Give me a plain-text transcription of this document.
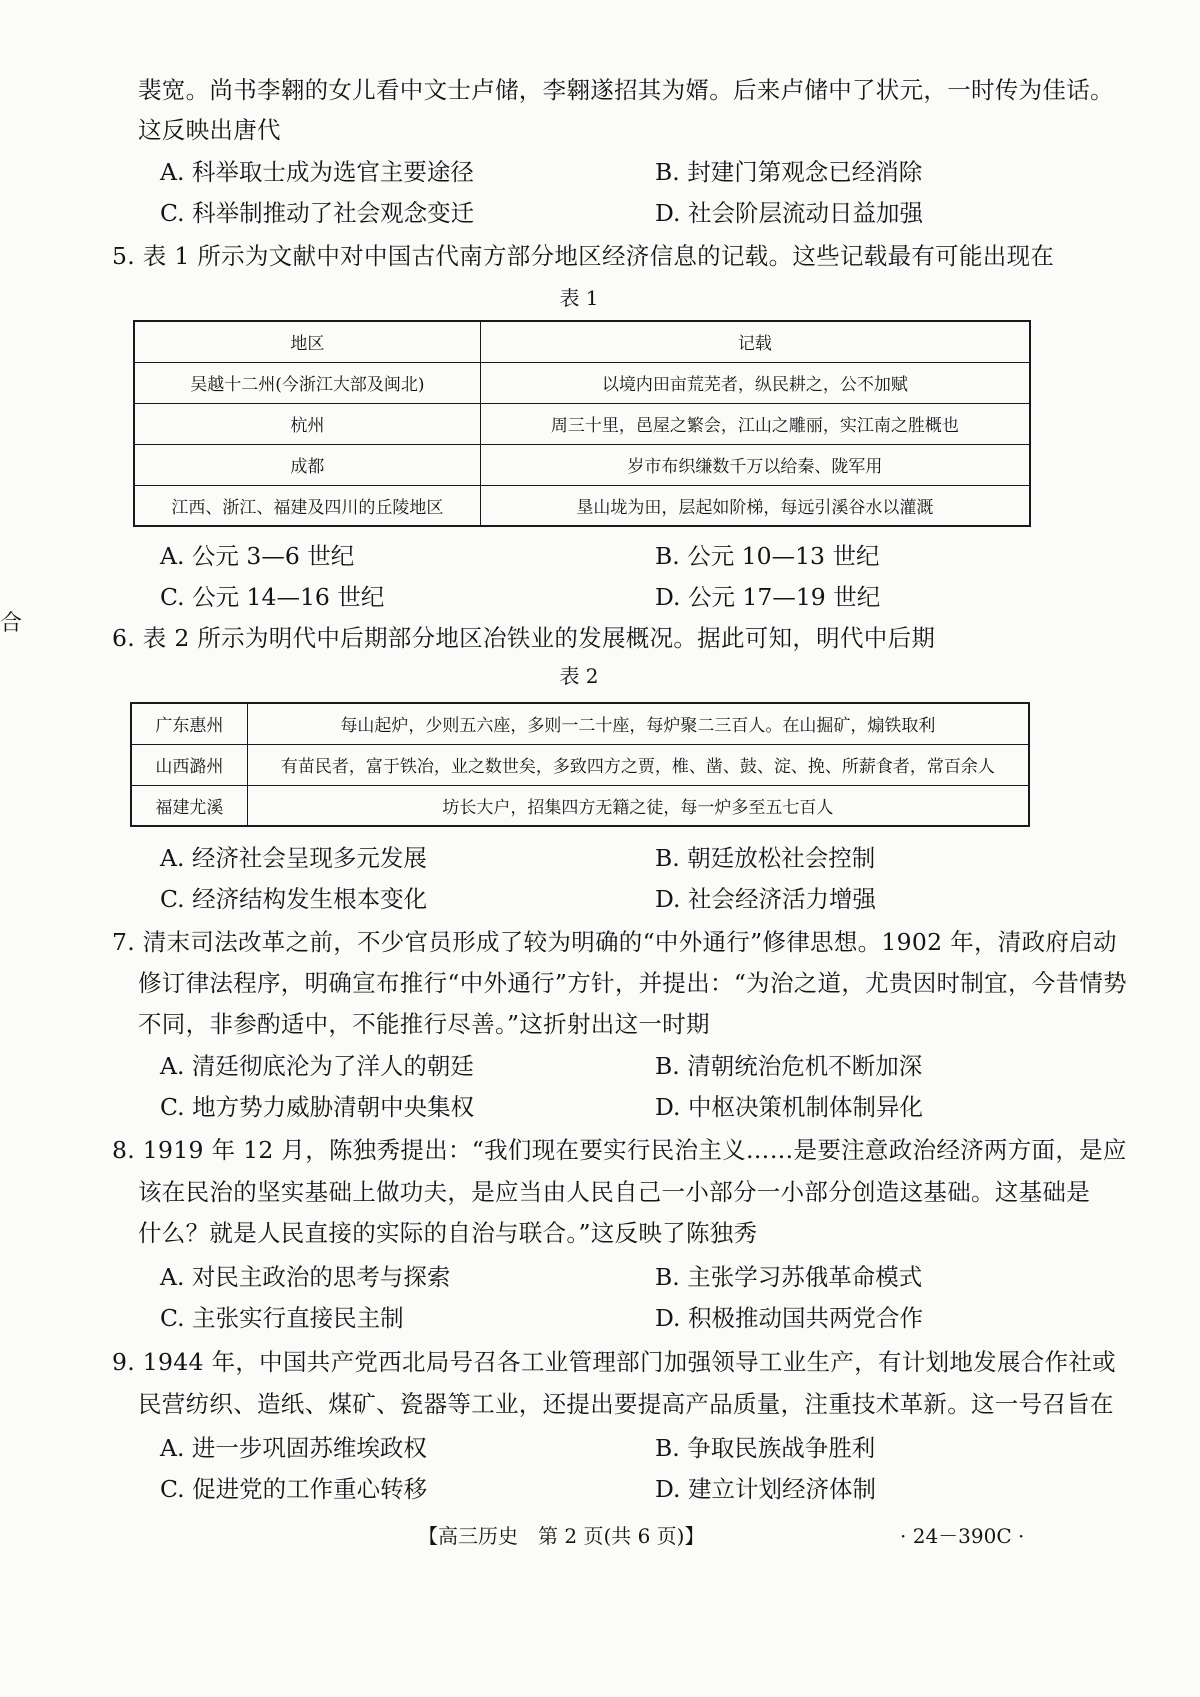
裴宽。尚书李翱的女儿看中文士卢储，李翱遂招其为婿。后来卢储中了状元，一时传为佳话。
这反映出唐代
A. 科举取士成为选官主要途径	B. 封建门第观念已经消除
C. 科举制推动了社会观念变迁	D. 社会阶层流动日益加强
5. 表 1 所示为文献中对中国古代南方部分地区经济信息的记载。这些记载最有可能出现在
表 1
地区	记载
吴越十二州(今浙江大部及闽北)	以境内田亩荒芜者，纵民耕之，公不加赋
杭州	周三十里，邑屋之繁会，江山之雕丽，实江南之胜概也
成都	岁市布织缣数千万以给秦、陇军用
江西、浙江、福建及四川的丘陵地区	垦山垅为田，层起如阶梯，每远引溪谷水以灌溉
A. 公元 3—6 世纪	B. 公元 10—13 世纪
C. 公元 14—16 世纪	D. 公元 17—19 世纪
合
6. 表 2 所示为明代中后期部分地区冶铁业的发展概况。据此可知，明代中后期
表 2
广东惠州	每山起炉，少则五六座，多则一二十座，每炉聚二三百人。在山掘矿，煽铁取利
山西潞州	有苗民者，富于铁冶，业之数世矣，多致四方之贾，椎、凿、鼓、淀、挽、所薪食者，常百余人
福建尤溪	坊长大户，招集四方无籍之徒，每一炉多至五七百人
A. 经济社会呈现多元发展	B. 朝廷放松社会控制
C. 经济结构发生根本变化	D. 社会经济活力增强
7. 清末司法改革之前，不少官员形成了较为明确的“中外通行”修律思想。1902 年，清政府启动
修订律法程序，明确宣布推行“中外通行”方针，并提出：“为治之道，尤贵因时制宜，今昔情势
不同，非参酌适中，不能推行尽善。”这折射出这一时期
A. 清廷彻底沦为了洋人的朝廷	B. 清朝统治危机不断加深
C. 地方势力威胁清朝中央集权	D. 中枢决策机制体制异化
8. 1919 年 12 月，陈独秀提出：“我们现在要实行民治主义……是要注意政治经济两方面，是应
该在民治的坚实基础上做功夫，是应当由人民自己一小部分一小部分创造这基础。这基础是
什么？就是人民直接的实际的自治与联合。”这反映了陈独秀
A. 对民主政治的思考与探索	B. 主张学习苏俄革命模式
C. 主张实行直接民主制	D. 积极推动国共两党合作
9. 1944 年，中国共产党西北局号召各工业管理部门加强领导工业生产，有计划地发展合作社或
民营纺织、造纸、煤矿、瓷器等工业，还提出要提高产品质量，注重技术革新。这一号召旨在
A. 进一步巩固苏维埃政权	B. 争取民族战争胜利
C. 促进党的工作重心转移	D. 建立计划经济体制
【高三历史　第 2 页(共 6 页)】	· 24－390C ·
